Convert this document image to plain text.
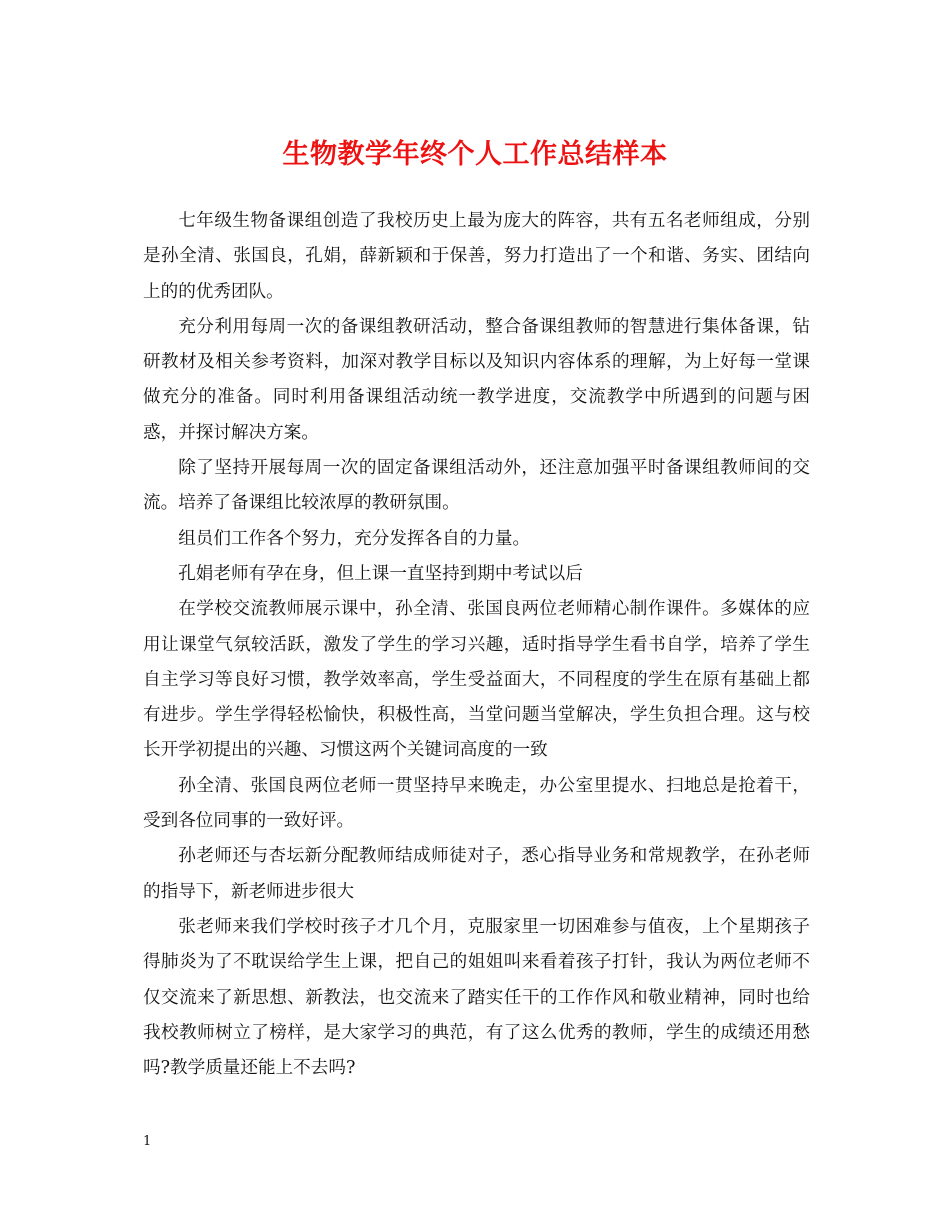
生物教学年终个人工作总结样本

七年级生物备课组创造了我校历史上最为庞大的阵容，共有五名老师组成，分别是孙全清、张国良，孔娟，薛新颖和于保善，努力打造出了一个和谐、务实、团结向上的的优秀团队。

充分利用每周一次的备课组教研活动，整合备课组教师的智慧进行集体备课，钻研教材及相关参考资料，加深对教学目标以及知识内容体系的理解，为上好每一堂课做充分的准备。同时利用备课组活动统一教学进度，交流教学中所遇到的问题与困惑，并探讨解决方案。

除了坚持开展每周一次的固定备课组活动外，还注意加强平时备课组教师间的交流。培养了备课组比较浓厚的教研氛围。

组员们工作各个努力，充分发挥各自的力量。

孔娟老师有孕在身，但上课一直坚持到期中考试以后

在学校交流教师展示课中，孙全清、张国良两位老师精心制作课件。多媒体的应用让课堂气氛较活跃，激发了学生的学习兴趣，适时指导学生看书自学，培养了学生自主学习等良好习惯，教学效率高，学生受益面大，不同程度的学生在原有基础上都有进步。学生学得轻松愉快，积极性高，当堂问题当堂解决，学生负担合理。这与校长开学初提出的兴趣、习惯这两个关键词高度的一致

孙全清、张国良两位老师一贯坚持早来晚走，办公室里提水、扫地总是抢着干，受到各位同事的一致好评。

孙老师还与杏坛新分配教师结成师徒对子，悉心指导业务和常规教学，在孙老师的指导下，新老师进步很大

张老师来我们学校时孩子才几个月，克服家里一切困难参与值夜，上个星期孩子得肺炎为了不耽误给学生上课，把自己的姐姐叫来看着孩子打针，我认为两位老师不仅交流来了新思想、新教法，也交流来了踏实任干的工作作风和敬业精神，同时也给我校教师树立了榜样，是大家学习的典范，有了这么优秀的教师，学生的成绩还用愁吗?教学质量还能上不去吗?

1
